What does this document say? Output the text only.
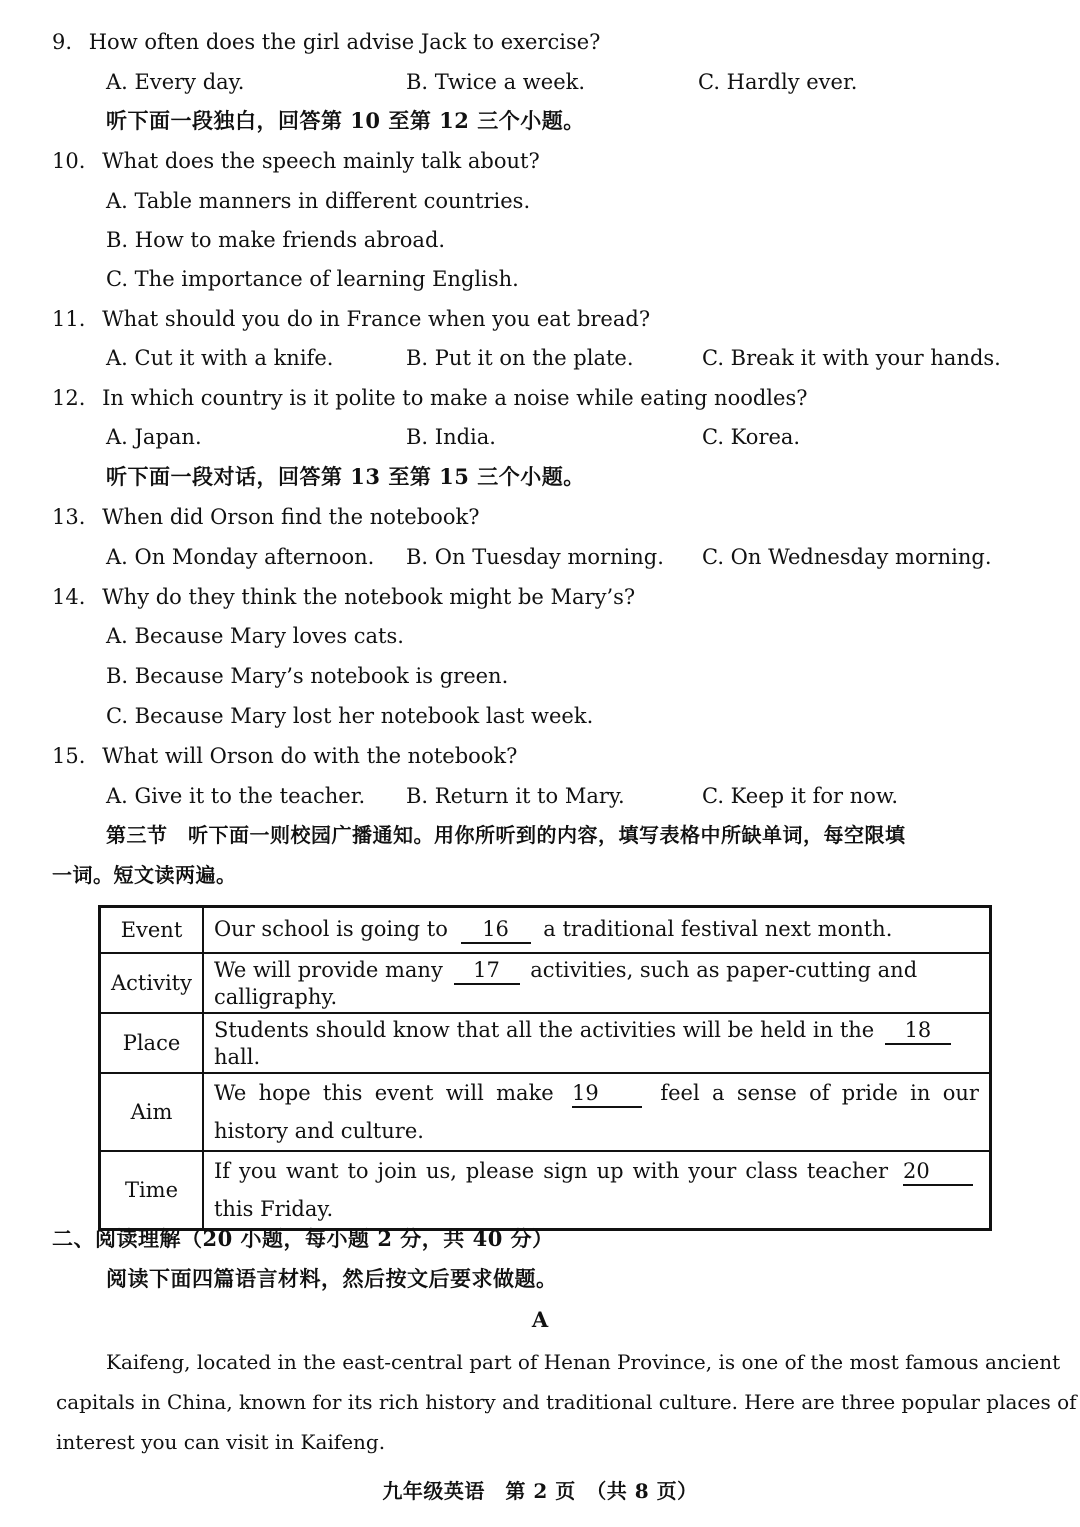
9. How often does the girl advise Jack to exercise?
A. Every day.	B. Twice a week.	C. Hardly ever.
听下面一段独白，回答第 10 至第 12 三个小题。
10. What does the speech mainly talk about?
A. Table manners in different countries.
B. How to make friends abroad.
C. The importance of learning English.
11. What should you do in France when you eat bread?
A. Cut it with a knife.	B. Put it on the plate.	C. Break it with your hands.
12. In which country is it polite to make a noise while eating noodles?
A. Japan.	B. India.	C. Korea.
听下面一段对话，回答第 13 至第 15 三个小题。
13. When did Orson find the notebook?
A. On Monday afternoon. B. On Tuesday morning. C. On Wednesday morning.
14. Why do they think the notebook might be Mary’s?
A. Because Mary loves cats.
B. Because Mary’s notebook is green.
C. Because Mary lost her notebook last week.
15. What will Orson do with the notebook?
A. Give it to the teacher. B. Return it to Mary.	C. Keep it for now.
第三节　听下面一则校园广播通知。用你所听到的内容，填写表格中所缺单词，每空限填
一词。短文读两遍。
Event	Our school is going to 16 a traditional festival next month.
Activity	We will provide many 17 activities, such as paper-cutting and calligraphy.
Place	Students should know that all the activities will be held in the 18 hall.
Aim	We hope this event will make 19 feel a sense of pride in our history and culture.
Time	If you want to join us, please sign up with your class teacher 20 this Friday.
二、阅读理解（20 小题，每小题 2 分，共 40 分）
阅读下面四篇语言材料，然后按文后要求做题。
A
Kaifeng, located in the east-central part of Henan Province, is one of the most famous ancient
capitals in China, known for its rich history and traditional culture. Here are three popular places of
interest you can visit in Kaifeng.
九年级英语　第 2 页　（共 8 页）
